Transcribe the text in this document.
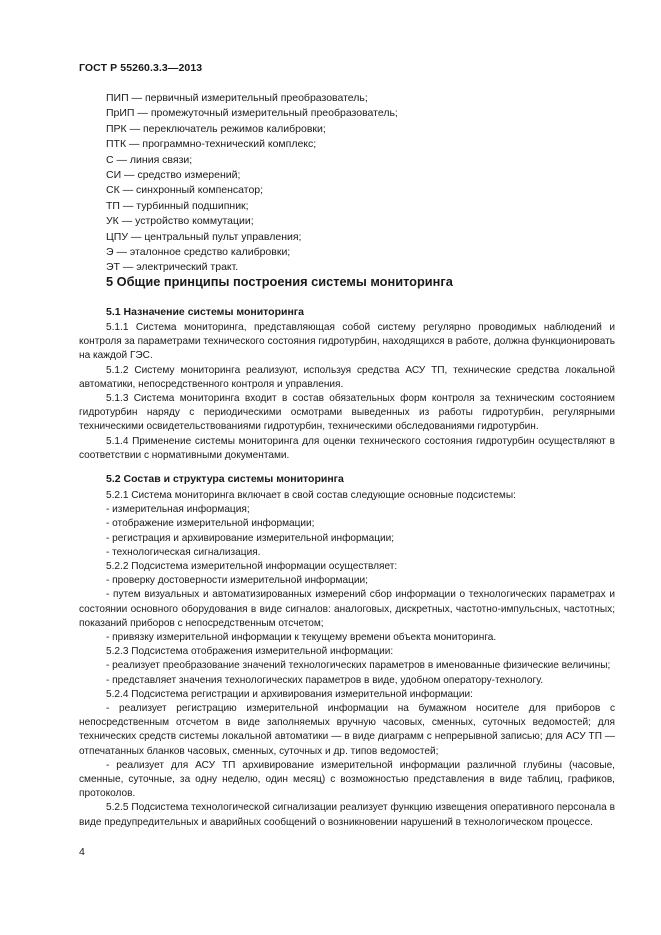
ГОСТ Р 55260.3.3—2013
ПИП — первичный измерительный преобразователь;
ПрИП — промежуточный измерительный преобразователь;
ПРК — переключатель режимов калибровки;
ПТК — программно-технический комплекс;
С — линия связи;
СИ — средство измерений;
СК — синхронный компенсатор;
ТП — турбинный подшипник;
УК — устройство коммутации;
ЦПУ — центральный пульт управления;
Э — эталонное средство калибровки;
ЭТ — электрический тракт.
5 Общие принципы построения системы мониторинга
5.1 Назначение системы мониторинга

5.1.1 Система мониторинга, представляющая собой систему регулярно проводимых наблюдений и контроля за параметрами технического состояния гидротурбин, находящихся в работе, должна функционировать на каждой ГЭС.

5.1.2 Систему мониторинга реализуют, используя средства АСУ ТП, технические средства локальной автоматики, непосредственного контроля и управления.

5.1.3 Система мониторинга входит в состав обязательных форм контроля за техническим состоянием гидротурбин наряду с периодическими осмотрами выведенных из работы гидротурбин, регулярными техническими освидетельствованиями гидротурбин, техническими обследованиями гидротурбин.

5.1.4 Применение системы мониторинга для оценки технического состояния гидротурбин осуществляют в соответствии с нормативными документами.

5.2 Состав и структура системы мониторинга

5.2.1 Система мониторинга включает в свой состав следующие основные подсистемы:

- измерительная информация;

- отображение измерительной информации;

- регистрация и архивирование измерительной информации;

- технологическая сигнализация.

5.2.2 Подсистема измерительной информации осуществляет:

- проверку достоверности измерительной информации;

- путем визуальных и автоматизированных измерений сбор информации о технологических параметрах и состоянии основного оборудования в виде сигналов: аналоговых, дискретных, частотно-импульсных, частотных; показаний приборов с непосредственным отсчетом;

- привязку измерительной информации к текущему времени объекта мониторинга.

5.2.3 Подсистема отображения измерительной информации:

- реализует преобразование значений технологических параметров в именованные физические величины;

- представляет значения технологических параметров в виде, удобном оператору-технологу.

5.2.4 Подсистема регистрации и архивирования измерительной информации:

- реализует регистрацию измерительной информации на бумажном носителе для приборов с непосредственным отсчетом в виде заполняемых вручную часовых, сменных, суточных ведомостей; для технических средств системы локальной автоматики — в виде диаграмм с непрерывной записью; для АСУ ТП — отпечатанных бланков часовых, сменных, суточных и др. типов ведомостей;

- реализует для АСУ ТП архивирование измерительной информации различной глубины (часовые, сменные, суточные, за одну неделю, один месяц) с возможностью представления в виде таблиц, графиков, протоколов.

5.2.5 Подсистема технологической сигнализации реализует функцию извещения оперативного персонала в виде предупредительных и аварийных сообщений о возникновении нарушений в технологическом процессе.

4
